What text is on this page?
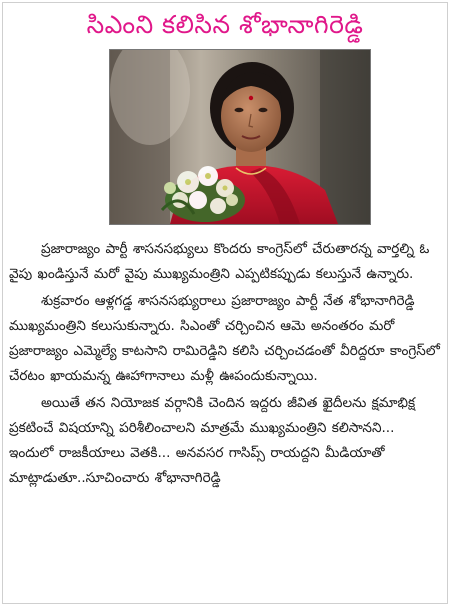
సిఎంని కలిసిన శోభానాగిరెడ్డి

ప్రజారాజ్యం పార్టీ శాసనసభ్యులు కొందరు కాంగ్రెస్‌లో చేరుతారన్న వార్తల్ని ఓ వైపు ఖండిస్తునే మరో వైపు ముఖ్యమంత్రిని ఎప్పటికప్పుడు కలుస్తునే ఉన్నారు.

శుక్రవారం ఆళ్లగడ్డ శాసనసభ్యురాలు ప్రజారాజ్యం పార్టీ నేత శోభానాగిరెడ్డి ముఖ్యమంత్రిని కలుసుకున్నారు. సిఎంతో చర్చించిన ఆమె అనంతరం మరో ప్రజారాజ్యం ఎమ్మెల్యే కాటసాని రామిరెడ్డిని కలిసి చర్చించడంతో వీరిద్దరూ కాంగ్రెస్‌లో చేరటం ఖాయమన్న ఊహాగానాలు మళ్లీ ఊపందుకున్నాయి.

అయితే తన నియోజక వర్గానికి చెందిన ఇద్దరు జీవిత ఖైదీలను క్షమాభిక్ష ప్రకటించే విషయాన్ని పరిశీలించాలని మాత్రమే ముఖ్యమంత్రిని కలిసానని... ఇందులో రాజకీయాలు వెతకి... అనవసర గాసిప్స్ రాయద్దని మీడియాతో మాట్లాడుతూ..సూచించారు శోభానాగిరెడ్డి
